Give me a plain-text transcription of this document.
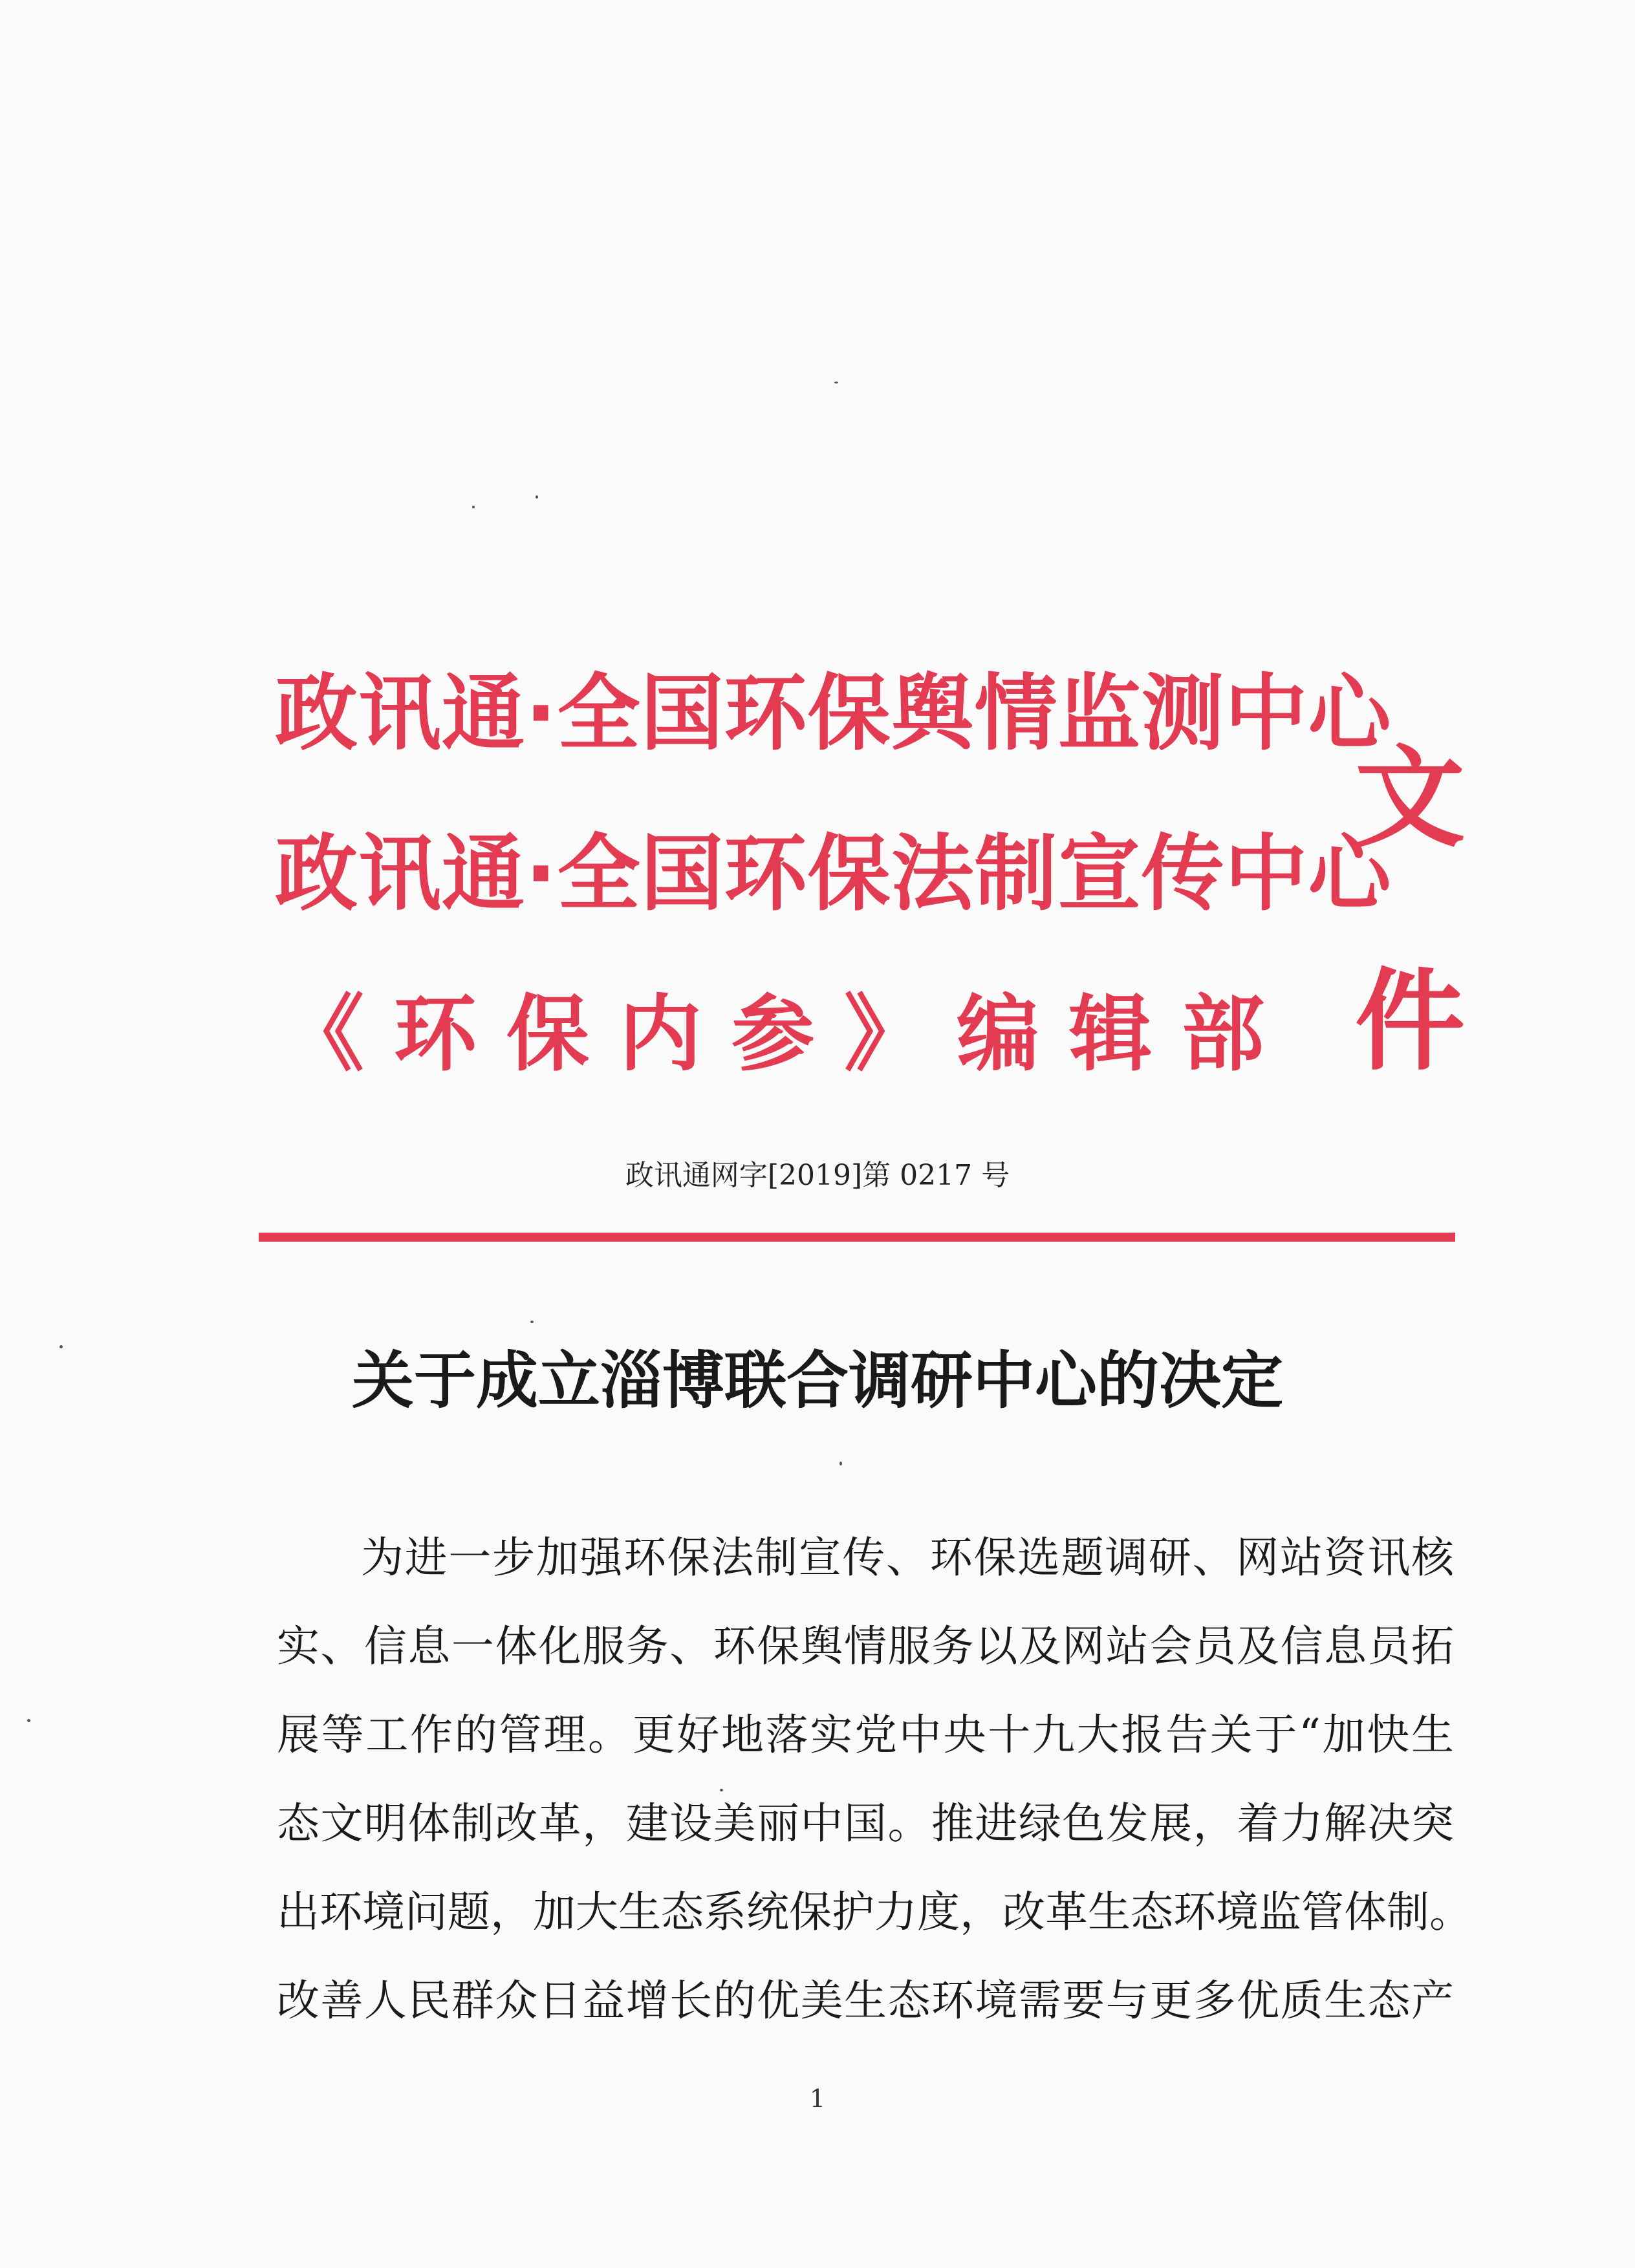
政讯通·全国环保舆情监测中心
政讯通·全国环保法制宣传中心
《环保内参》编辑部
文
件
政讯通网字[2019]第 0217 号
关于成立淄博联合调研中心的决定
为进一步加强环保法制宣传、环保选题调研、网站资讯核
实、信息一体化服务、环保舆情服务以及网站会员及信息员拓
展等工作的管理。更好地落实党中央十九大报告关于“加快生
态文明体制改革，建设美丽中国。推进绿色发展，着力解决突
出环境问题，加大生态系统保护力度，改革生态环境监管体制。
改善人民群众日益增长的优美生态环境需要与更多优质生态产
1
